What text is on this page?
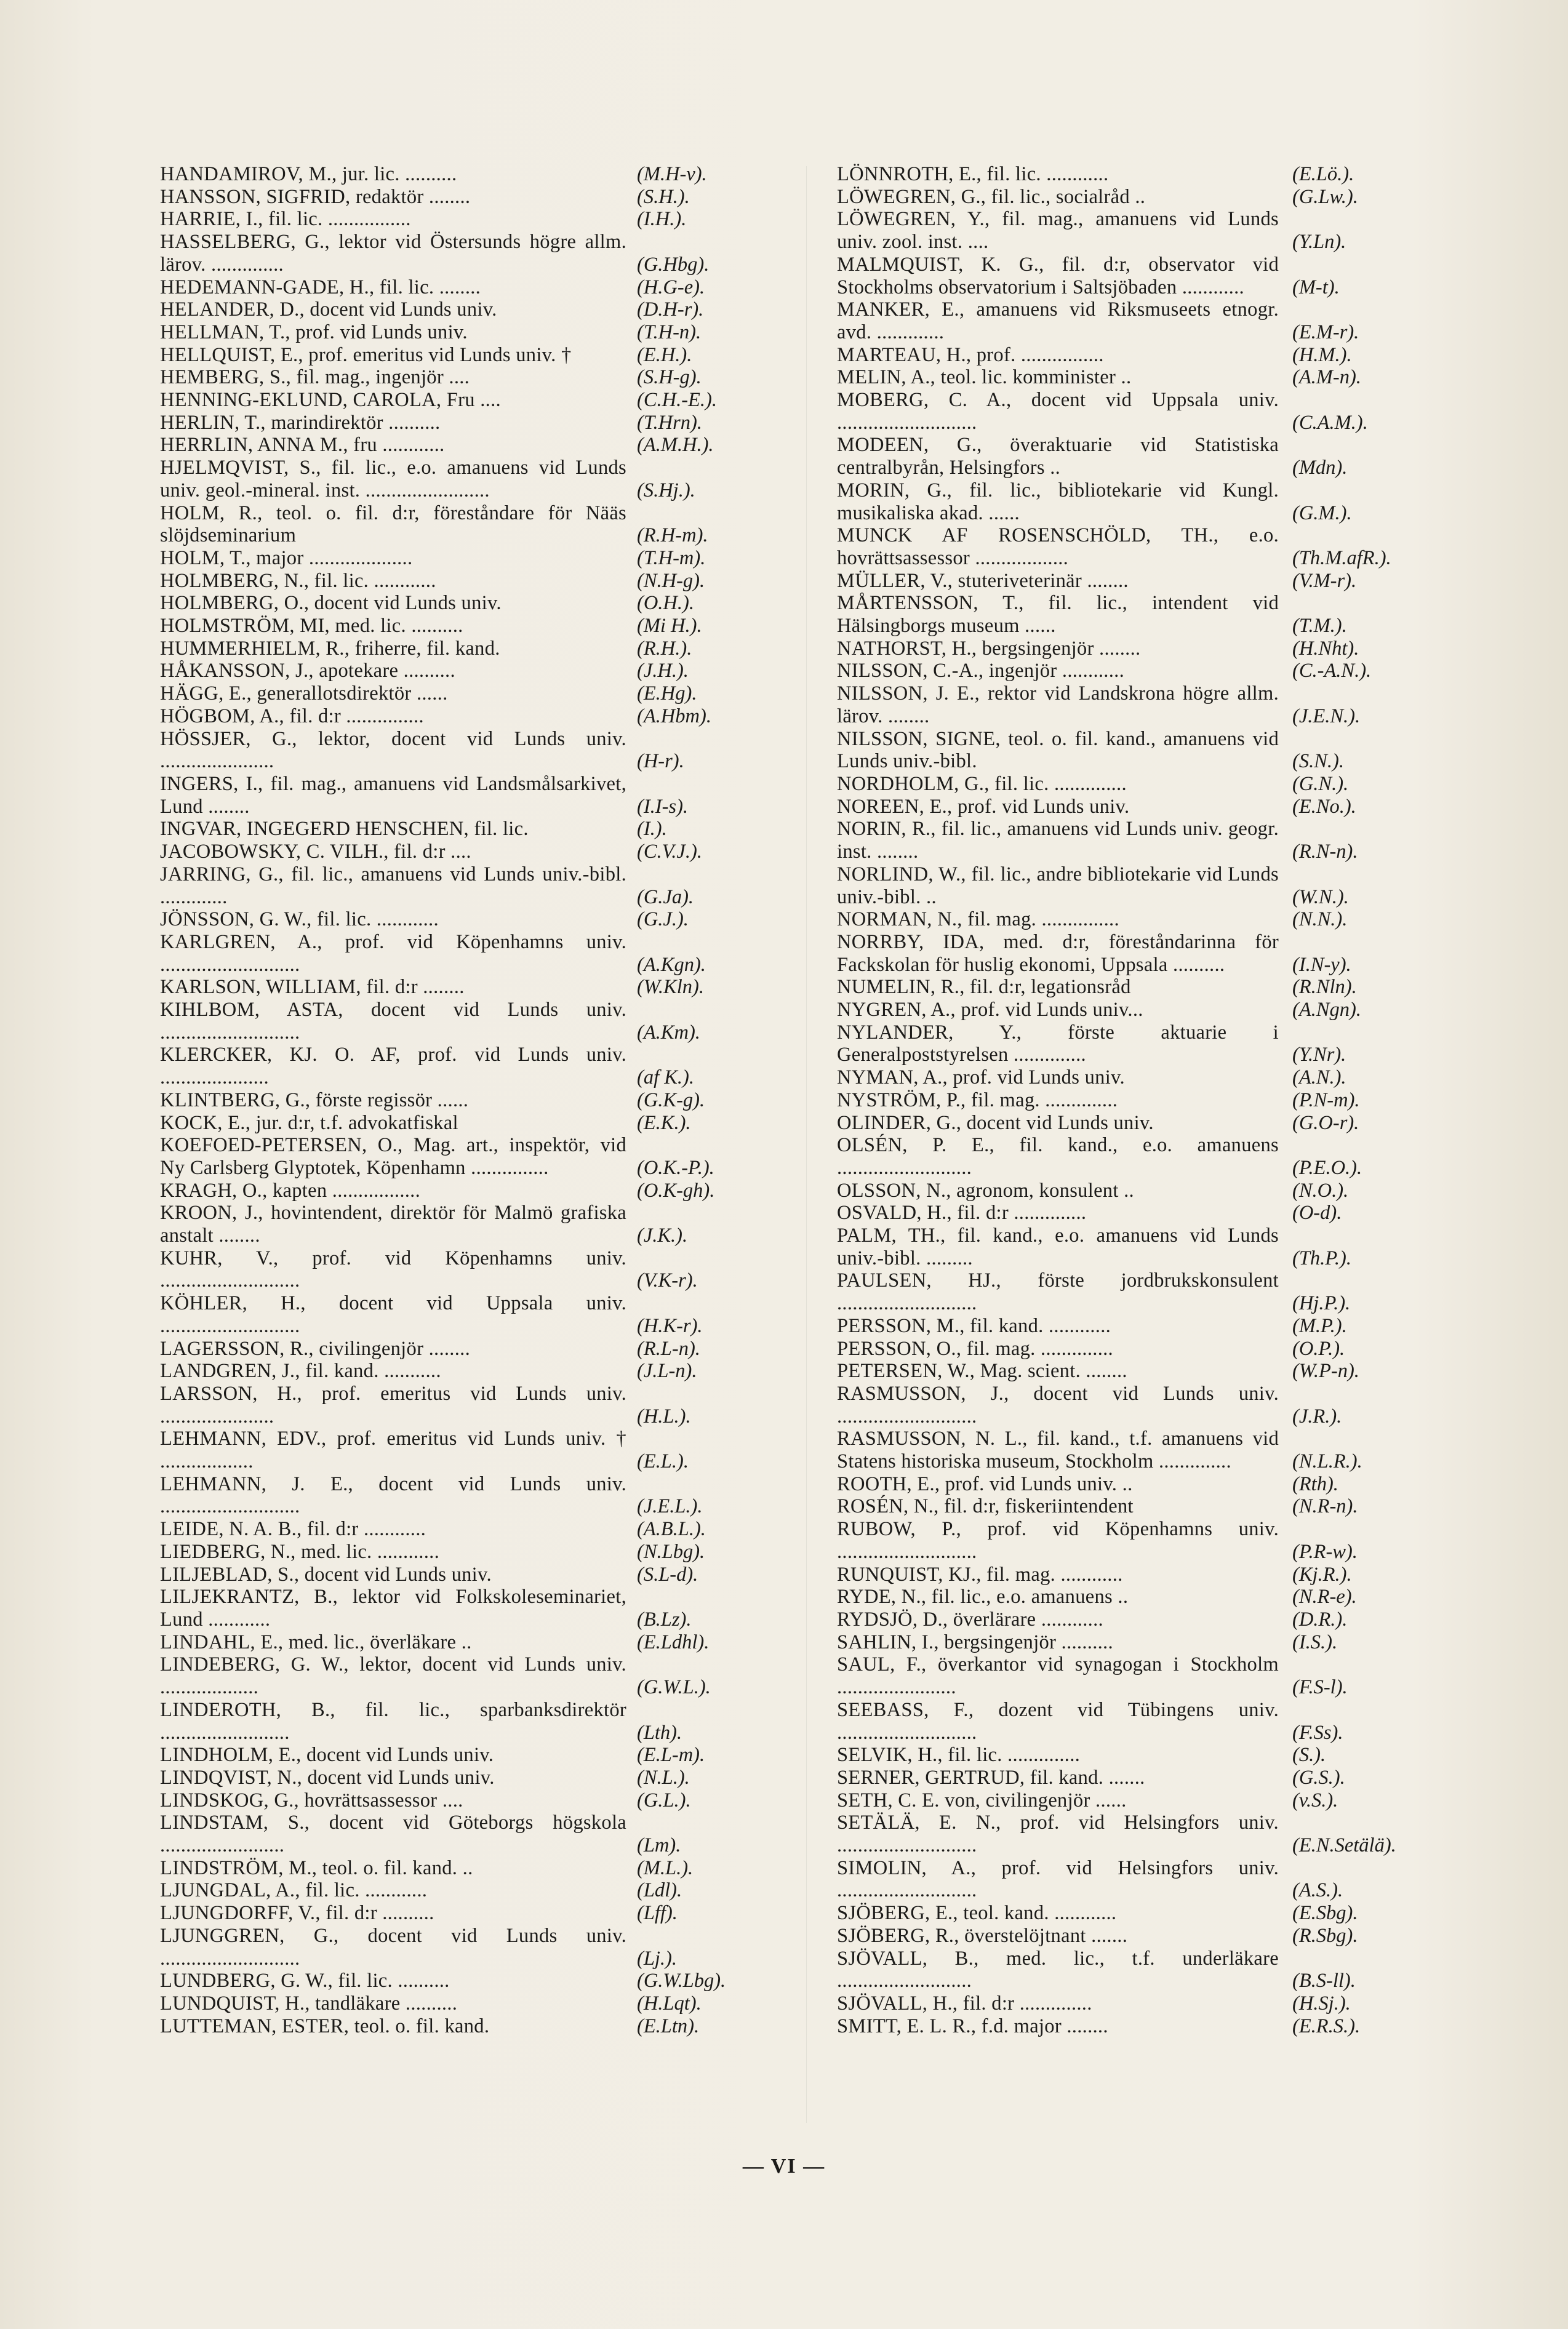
HANDAMIROV, M., jur. lic. ..........	(M.H-v).
HANSSON, SIGFRID, redaktör ........	(S.H.).
HARRIE, I., fil. lic. ................	(I.H.).
HASSELBERG, G., lektor vid Östersunds högre allm. lärov. ..............	(G.Hbg).
HEDEMANN-GADE, H., fil. lic. ........	(H.G-e).
HELANDER, D., docent vid Lunds univ.	(D.H-r).
HELLMAN, T., prof. vid Lunds univ.	(T.H-n).
HELLQUIST, E., prof. emeritus vid Lunds univ. †	(E.H.).
HEMBERG, S., fil. mag., ingenjör ....	(S.H-g).
HENNING-EKLUND, CAROLA, Fru ....	(C.H.-E.).
HERLIN, T., marindirektör ..........	(T.Hrn).
HERRLIN, ANNA M., fru ............	(A.M.H.).
HJELMQVIST, S., fil. lic., e.o. amanuens vid Lunds univ. geol.-mineral. inst. ........................	(S.Hj.).
HOLM, R., teol. o. fil. d:r, föreståndare för Nääs slöjdseminarium	(R.H-m).
HOLM, T., major ....................	(T.H-m).
HOLMBERG, N., fil. lic. ............	(N.H-g).
HOLMBERG, O., docent vid Lunds univ.	(O.H.).
HOLMSTRÖM, MI, med. lic. ..........	(Mi H.).
HUMMERHIELM, R., friherre, fil. kand.	(R.H.).
HÅKANSSON, J., apotekare ..........	(J.H.).
HÄGG, E., generallotsdirektör ......	(E.Hg).
HÖGBOM, A., fil. d:r ...............	(A.Hbm).
HÖSSJER, G., lektor, docent vid Lunds univ. ......................	(H-r).
INGERS, I., fil. mag., amanuens vid Landsmålsarkivet, Lund ........	(I.I-s).
INGVAR, INGEGERD HENSCHEN, fil. lic.	(I.).
JACOBOWSKY, C. VILH., fil. d:r ....	(C.V.J.).
JARRING, G., fil. lic., amanuens vid Lunds univ.-bibl. .............	(G.Ja).
JÖNSSON, G. W., fil. lic. ............	(G.J.).
KARLGREN, A., prof. vid Köpenhamns univ. ...........................	(A.Kgn).
KARLSON, WILLIAM, fil. d:r ........	(W.Kln).
KIHLBOM, ASTA, docent vid Lunds univ. ...........................	(A.Km).
KLERCKER, KJ. O. AF, prof. vid Lunds univ. .....................	(af K.).
KLINTBERG, G., förste regissör ......	(G.K-g).
KOCK, E., jur. d:r, t.f. advokatfiskal	(E.K.).
KOEFOED-PETERSEN, O., Mag. art., inspektör, vid Ny Carlsberg Glyptotek, Köpenhamn ...............	(O.K.-P.).
KRAGH, O., kapten .................	(O.K-gh).
KROON, J., hovintendent, direktör för Malmö grafiska anstalt ........	(J.K.).
KUHR, V., prof. vid Köpenhamns univ. ...........................	(V.K-r).
KÖHLER, H., docent vid Uppsala univ. ...........................	(H.K-r).
LAGERSSON, R., civilingenjör ........	(R.L-n).
LANDGREN, J., fil. kand. ...........	(J.L-n).
LARSSON, H., prof. emeritus vid Lunds univ. ......................	(H.L.).
LEHMANN, EDV., prof. emeritus vid Lunds univ. † ..................	(E.L.).
LEHMANN, J. E., docent vid Lunds univ. ...........................	(J.E.L.).
LEIDE, N. A. B., fil. d:r ............	(A.B.L.).
LIEDBERG, N., med. lic. ............	(N.Lbg).
LILJEBLAD, S., docent vid Lunds univ.	(S.L-d).
LILJEKRANTZ, B., lektor vid Folkskoleseminariet, Lund ............	(B.Lz).
LINDAHL, E., med. lic., överläkare ..	(E.Ldhl).
LINDEBERG, G. W., lektor, docent vid Lunds univ. ...................	(G.W.L.).
LINDEROTH, B., fil. lic., sparbanksdirektör .........................	(Lth).
LINDHOLM, E., docent vid Lunds univ.	(E.L-m).
LINDQVIST, N., docent vid Lunds univ.	(N.L.).
LINDSKOG, G., hovrättsassessor ....	(G.L.).
LINDSTAM, S., docent vid Göteborgs högskola ........................	(Lm).
LINDSTRÖM, M., teol. o. fil. kand. ..	(M.L.).
LJUNGDAL, A., fil. lic. ............	(Ldl).
LJUNGDORFF, V., fil. d:r ..........	(Lff).
LJUNGGREN, G., docent vid Lunds univ. ...........................	(Lj.).
LUNDBERG, G. W., fil. lic. ..........	(G.W.Lbg).
LUNDQUIST, H., tandläkare ..........	(H.Lqt).
LUTTEMAN, ESTER, teol. o. fil. kand.	(E.Ltn).
LÖNNROTH, E., fil. lic. ............	(E.Lö.).
LÖWEGREN, G., fil. lic., socialråd ..	(G.Lw.).
LÖWEGREN, Y., fil. mag., amanuens vid Lunds univ. zool. inst. ....	(Y.Ln).
MALMQUIST, K. G., fil. d:r, observator vid Stockholms observatorium i Saltsjöbaden ............	(M-t).
MANKER, E., amanuens vid Riksmuseets etnogr. avd. .............	(E.M-r).
MARTEAU, H., prof. ................	(H.M.).
MELIN, A., teol. lic. komminister ..	(A.M-n).
MOBERG, C. A., docent vid Uppsala univ. ...........................	(C.A.M.).
MODEEN, G., överaktuarie vid Statistiska centralbyrån, Helsingfors ..	(Mdn).
MORIN, G., fil. lic., bibliotekarie vid Kungl. musikaliska akad. ......	(G.M.).
MUNCK AF ROSENSCHÖLD, TH., e.o. hovrättsassessor ..................	(Th.M.afR.).
MÜLLER, V., stuteriveterinär ........	(V.M-r).
MÅRTENSSON, T., fil. lic., intendent vid Hälsingborgs museum ......	(T.M.).
NATHORST, H., bergsingenjör ........	(H.Nht).
NILSSON, C.-A., ingenjör ............	(C.-A.N.).
NILSSON, J. E., rektor vid Landskrona högre allm. lärov. ........	(J.E.N.).
NILSSON, SIGNE, teol. o. fil. kand., amanuens vid Lunds univ.-bibl.	(S.N.).
NORDHOLM, G., fil. lic. ..............	(G.N.).
NOREEN, E., prof. vid Lunds univ.	(E.No.).
NORIN, R., fil. lic., amanuens vid Lunds univ. geogr. inst. ........	(R.N-n).
NORLIND, W., fil. lic., andre bibliotekarie vid Lunds univ.-bibl. ..	(W.N.).
NORMAN, N., fil. mag. ...............	(N.N.).
NORRBY, IDA, med. d:r, föreståndarinna för Fackskolan för huslig ekonomi, Uppsala ..........	(I.N-y).
NUMELIN, R., fil. d:r, legationsråd	(R.Nln).
NYGREN, A., prof. vid Lunds univ...	(A.Ngn).
NYLANDER, Y., förste aktuarie i Generalpoststyrelsen ..............	(Y.Nr).
NYMAN, A., prof. vid Lunds univ.	(A.N.).
NYSTRÖM, P., fil. mag. ..............	(P.N-m).
OLINDER, G., docent vid Lunds univ.	(G.O-r).
OLSÉN, P. E., fil. kand., e.o. amanuens ..........................	(P.E.O.).
OLSSON, N., agronom, konsulent ..	(N.O.).
OSVALD, H., fil. d:r ..............	(O-d).
PALM, TH., fil. kand., e.o. amanuens vid Lunds univ.-bibl. .........	(Th.P.).
PAULSEN, HJ., förste jordbrukskonsulent ...........................	(Hj.P.).
PERSSON, M., fil. kand. ............	(M.P.).
PERSSON, O., fil. mag. ..............	(O.P.).
PETERSEN, W., Mag. scient. ........	(W.P-n).
RASMUSSON, J., docent vid Lunds univ. ...........................	(J.R.).
RASMUSSON, N. L., fil. kand., t.f. amanuens vid Statens historiska museum, Stockholm ..............	(N.L.R.).
ROOTH, E., prof. vid Lunds univ. ..	(Rth).
ROSÉN, N., fil. d:r, fiskeriintendent	(N.R-n).
RUBOW, P., prof. vid Köpenhamns univ. ...........................	(P.R-w).
RUNQUIST, KJ., fil. mag. ............	(Kj.R.).
RYDE, N., fil. lic., e.o. amanuens ..	(N.R-e).
RYDSJÖ, D., överlärare ............	(D.R.).
SAHLIN, I., bergsingenjör ..........	(I.S.).
SAUL, F., överkantor vid synagogan i Stockholm .......................	(F.S-l).
SEEBASS, F., dozent vid Tübingens univ. ...........................	(F.Ss).
SELVIK, H., fil. lic. ..............	(S.).
SERNER, GERTRUD, fil. kand. .......	(G.S.).
SETH, C. E. von, civilingenjör ......	(v.S.).
SETÄLÄ, E. N., prof. vid Helsingfors univ. ...........................	(E.N.Setälä).
SIMOLIN, A., prof. vid Helsingfors univ. ...........................	(A.S.).
SJÖBERG, E., teol. kand. ............	(E.Sbg).
SJÖBERG, R., överstelöjtnant .......	(R.Sbg).
SJÖVALL, B., med. lic., t.f. underläkare ..........................	(B.S-ll).
SJÖVALL, H., fil. d:r ..............	(H.Sj.).
SMITT, E. L. R., f.d. major ........	(E.R.S.).
— VI —
